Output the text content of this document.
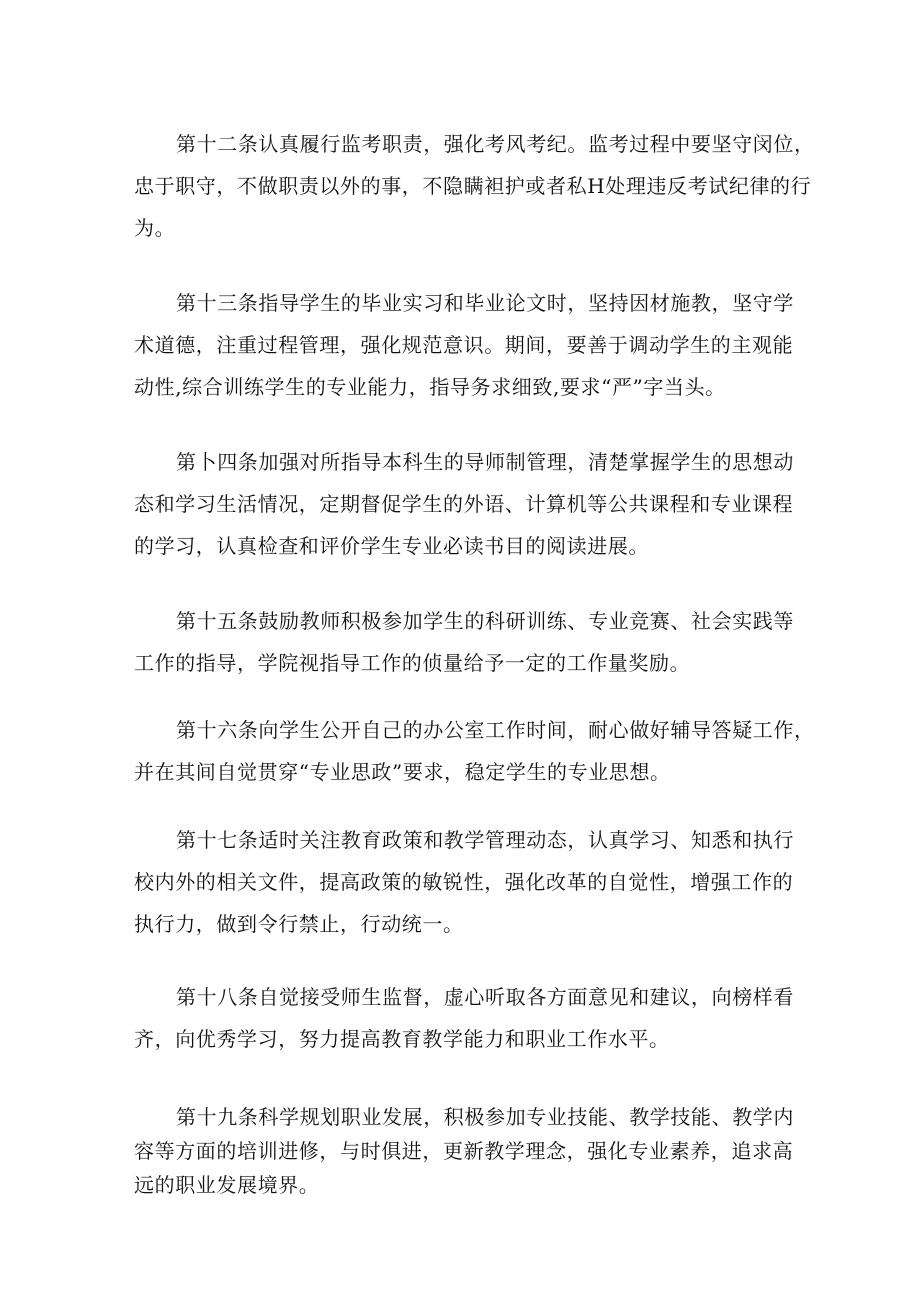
第十二条认真履行监考职责，强化考风考纪。监考过程中要坚守闵位，
忠于职守，不做职责以外的事，不隐瞒袒护或者私H处理违反考试纪律的行
为。
第十三条指导学生的毕业实习和毕业论文时，坚持因材施教，坚守学
术道德，注重过程管理，强化规范意识。期间，要善于调动学生的主观能
动性,综合训练学生的专业能力，指导务求细致,要求“严”字当头。
第卜四条加强对所指导本科生的导师制管理，清楚掌握学生的思想动
态和学习生活情况，定期督促学生的外语、计算机等公共课程和专业课程
的学习，认真检查和评价学生专业必读书目的阅读进展。
第十五条鼓励教师积极参加学生的科研训练、专业竞赛、社会实践等
工作的指导，学院视指导工作的侦量给予一定的工作量奖励。
第十六条向学生公开自己的办公室工作时间，耐心做好辅导答疑工作，
并在其间自觉贯穿“专业思政”要求，稳定学生的专业思想。
第十七条适时关注教育政策和教学管理动态，认真学习、知悉和执行
校内外的相关文件，提高政策的敏锐性，强化改革的自觉性，增强工作的
执行力，做到令行禁止，行动统一。
第十八条自觉接受师生监督，虚心听取各方面意见和建议，向榜样看
齐，向优秀学习，努力提高教育教学能力和职业工作水平。
第十九条科学规划职业发展，积极参加专业技能、教学技能、教学内
容等方面的培训进修，与时俱进，更新教学理念，强化专业素养，追求高
远的职业发展境界。
